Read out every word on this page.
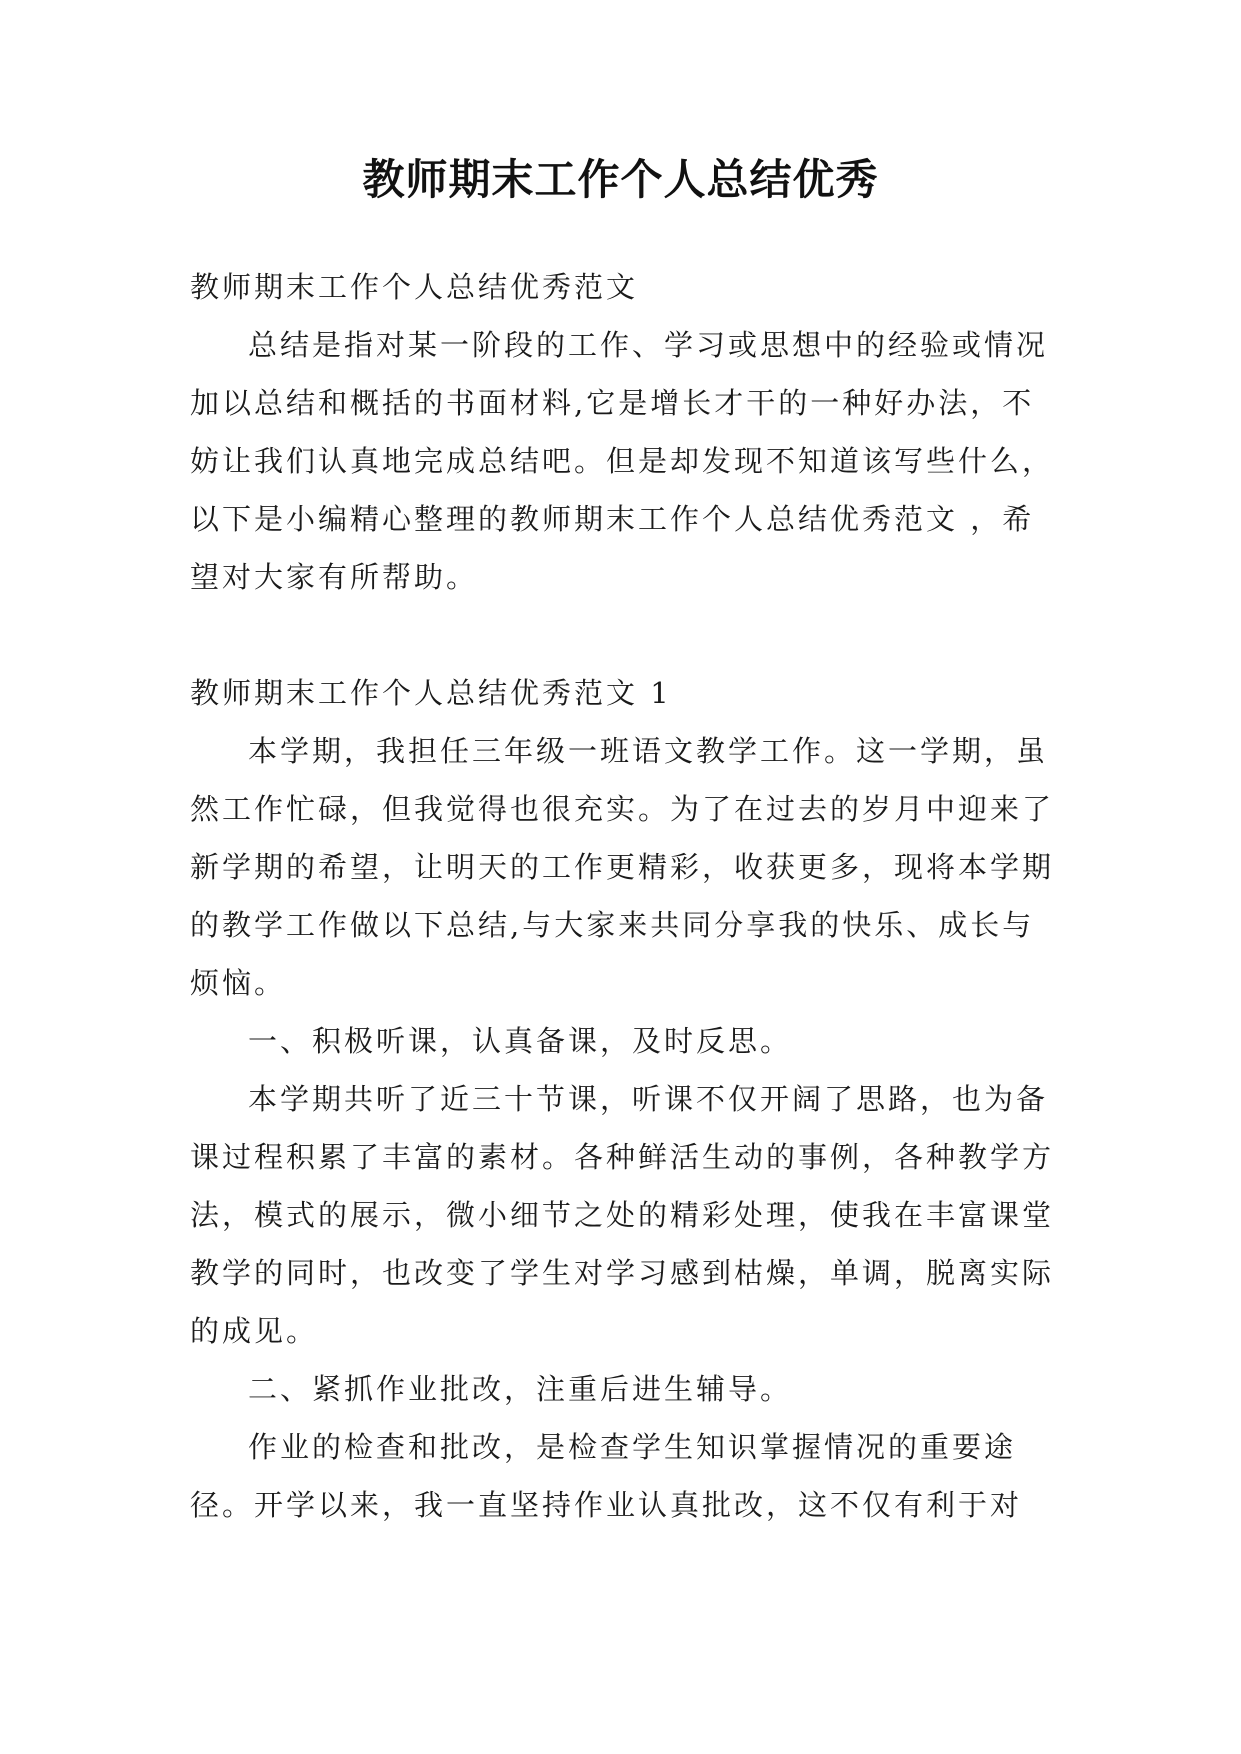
教师期末工作个人总结优秀

教师期末工作个人总结优秀范文

总结是指对某一阶段的工作、学习或思想中的经验或情况加以总结和概括的书面材料,它是增长才干的一种好办法，不妨让我们认真地完成总结吧。但是却发现不知道该写些什么，以下是小编精心整理的教师期末工作个人总结优秀范文 ，希望对大家有所帮助。

教师期末工作个人总结优秀范文 1

本学期，我担任三年级一班语文教学工作。这一学期，虽然工作忙碌，但我觉得也很充实。为了在过去的岁月中迎来了新学期的希望，让明天的工作更精彩，收获更多，现将本学期的教学工作做以下总结,与大家来共同分享我的快乐、成长与烦恼。

一、积极听课，认真备课，及时反思。

本学期共听了近三十节课，听课不仅开阔了思路，也为备课过程积累了丰富的素材。各种鲜活生动的事例，各种教学方法，模式的展示，微小细节之处的精彩处理，使我在丰富课堂教学的同时，也改变了学生对学习感到枯燥，单调，脱离实际的成见。

二、紧抓作业批改，注重后进生辅导。

作业的检查和批改，是检查学生知识掌握情况的重要途径。开学以来，我一直坚持作业认真批改，这不仅有利于对
